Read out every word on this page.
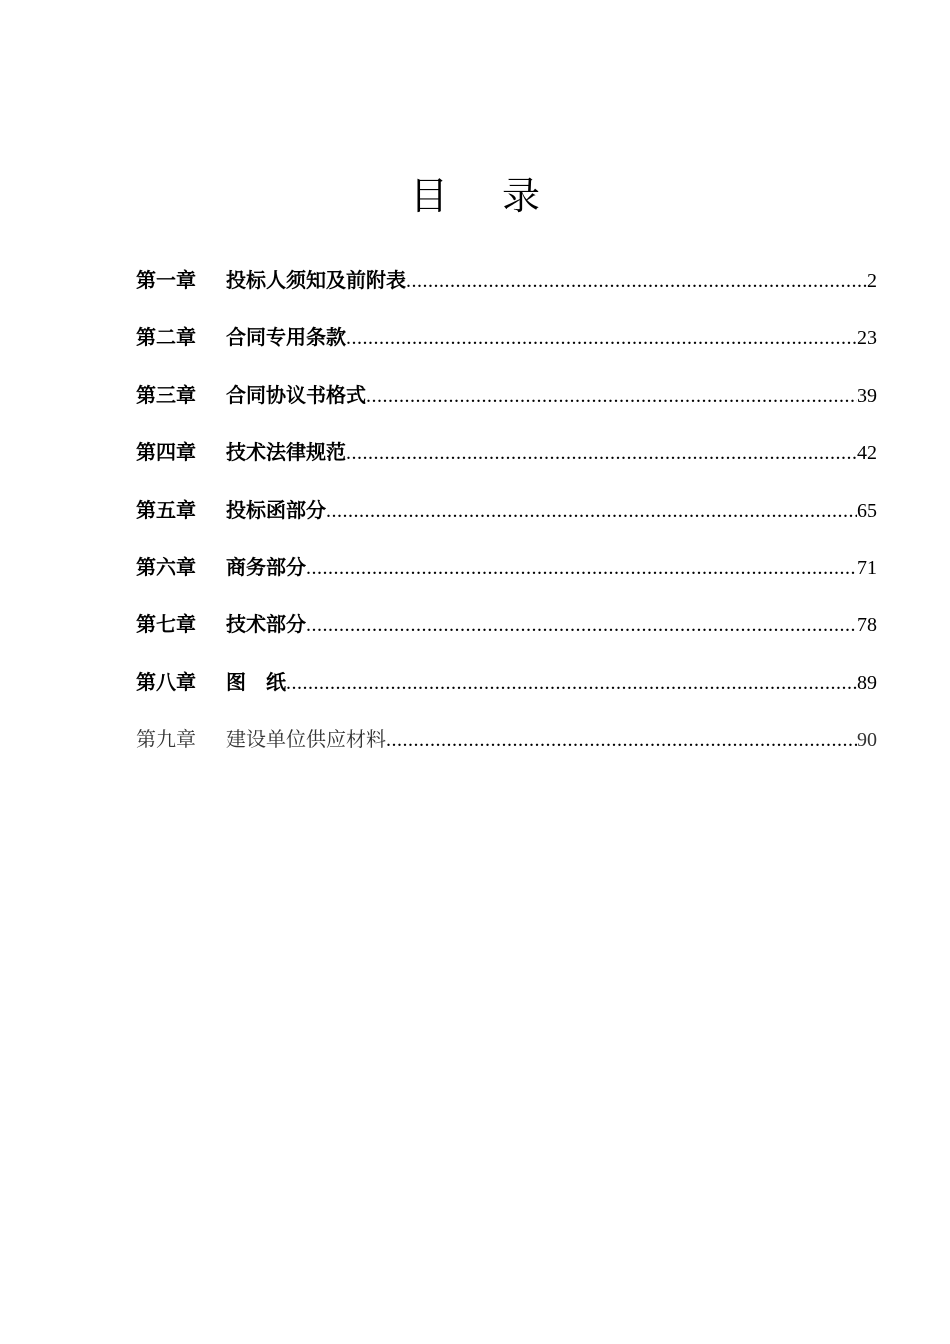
目 录
第一章	投标人须知及前附表 .....	2
第二章	合同专用条款 .....	23
第三章	合同协议书格式 .....	39
第四章	技术法律规范 .....	42
第五章	投标函部分 .....	65
第六章	商务部分 .....	71
第七章	技术部分 .....	78
第八章	图　纸 .....	89
第九章	建设单位供应材料 .....	90
